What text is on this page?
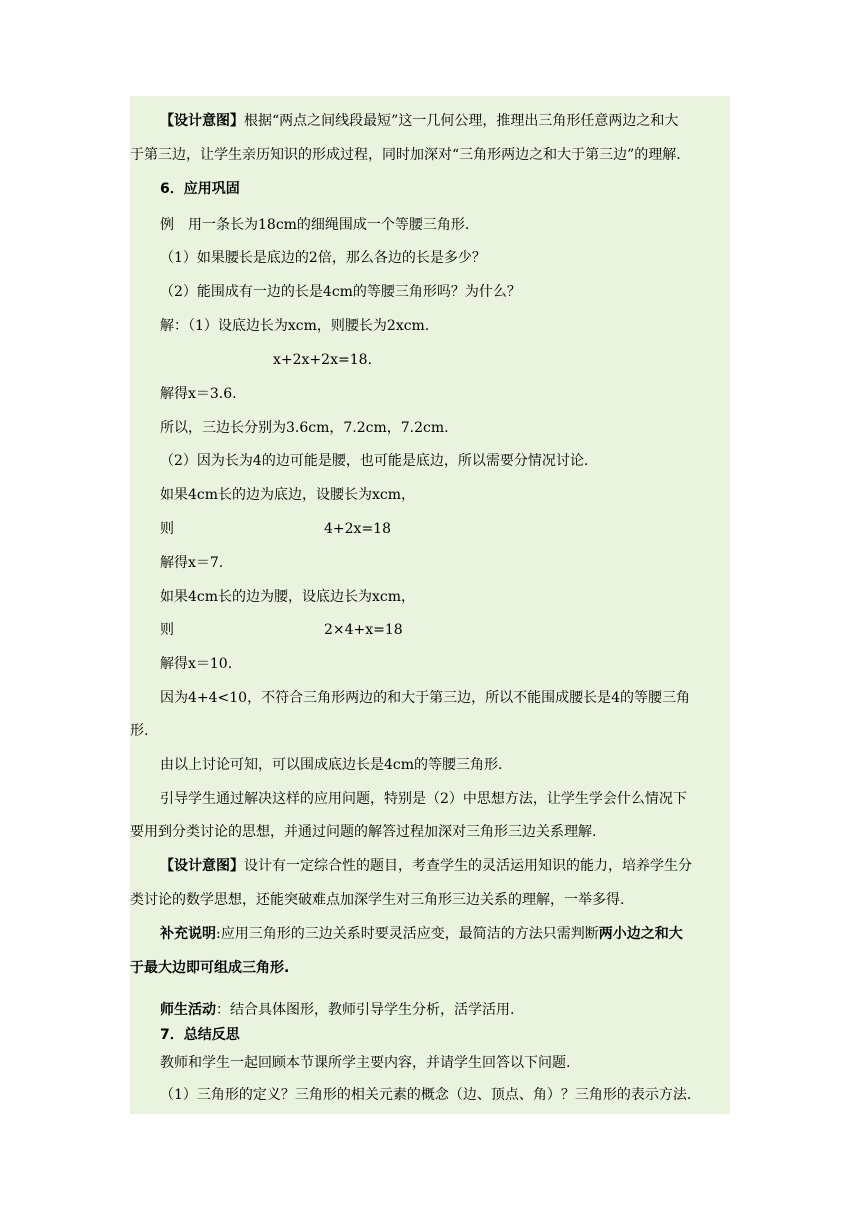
【设计意图】根据“两点之间线段最短”这一几何公理，推理出三角形任意两边之和大
于第三边，让学生亲历知识的形成过程，同时加深对“三角形两边之和大于第三边”的理解.
6．应用巩固
例　用一条长为18cm的细绳围成一个等腰三角形.
（1）如果腰长是底边的2倍，那么各边的长是多少？
（2）能围成有一边的长是4cm的等腰三角形吗？为什么？
解：（1）设底边长为xcm，则腰长为2xcm.
x+2x+2x=18.
解得x＝3.6.
所以，三边长分别为3.6cm，7.2cm，7.2cm.
（2）因为长为4的边可能是腰，也可能是底边，所以需要分情况讨论.
如果4cm长的边为底边，设腰长为xcm，
则	4+2x=18
解得x＝7.
如果4cm长的边为腰，设底边长为xcm，
则	2×4+x=18
解得x＝10.
因为4+4<10，不符合三角形两边的和大于第三边，所以不能围成腰长是4的等腰三角
形.
由以上讨论可知，可以围成底边长是4cm的等腰三角形.
引导学生通过解决这样的应用问题，特别是（2）中思想方法，让学生学会什么情况下
要用到分类讨论的思想，并通过问题的解答过程加深对三角形三边关系理解.
【设计意图】设计有一定综合性的题目，考查学生的灵活运用知识的能力，培养学生分
类讨论的数学思想，还能突破难点加深学生对三角形三边关系的理解，一举多得.
补充说明:应用三角形的三边关系时要灵活应变，最简洁的方法只需判断两小边之和大
于最大边即可组成三角形.
师生活动：结合具体图形，教师引导学生分析，活学活用.
7．总结反思
教师和学生一起回顾本节课所学主要内容，并请学生回答以下问题.
（1）三角形的定义？三角形的相关元素的概念（边、顶点、角）？三角形的表示方法.
